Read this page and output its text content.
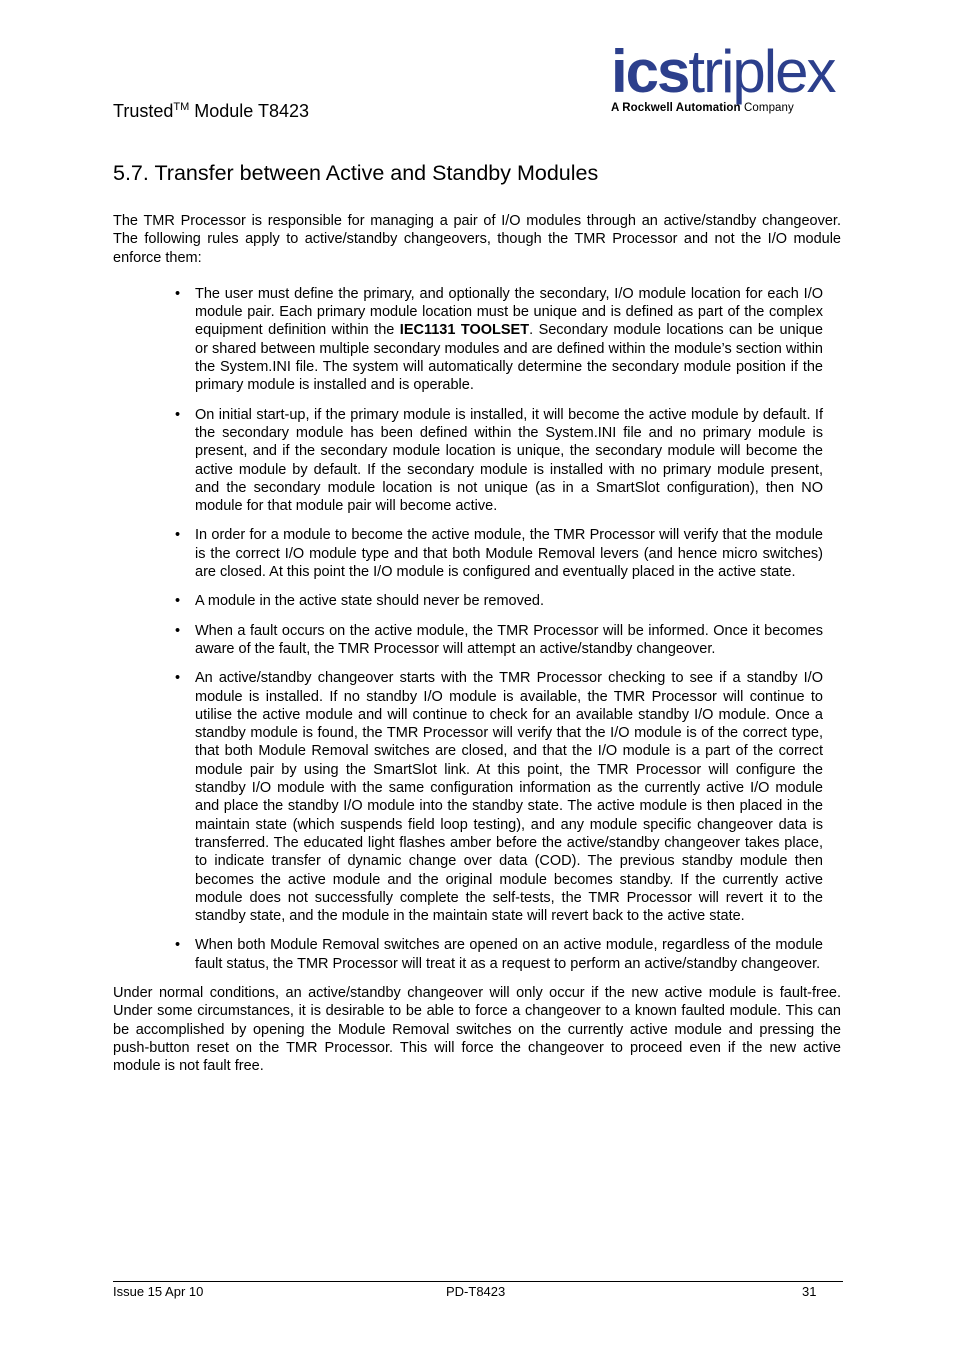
icstriplex
A Rockwell Automation Company
Trusted™ Module T8423
5.7. Transfer between Active and Standby Modules

The TMR Processor is responsible for managing a pair of I/O modules through an active/standby changeover. The following rules apply to active/standby changeovers, though the TMR Processor and not the I/O module enforce them:

• The user must define the primary, and optionally the secondary, I/O module location for each I/O module pair. Each primary module location must be unique and is defined as part of the complex equipment definition within the IEC1131 TOOLSET. Secondary module locations can be unique or shared between multiple secondary modules and are defined within the module’s section within the System.INI file. The system will automatically determine the secondary module position if the primary module is installed and is operable.
• On initial start-up, if the primary module is installed, it will become the active module by default. If the secondary module has been defined within the System.INI file and no primary module is present, and if the secondary module location is unique, the secondary module will become the active module by default. If the secondary module is installed with no primary module present, and the secondary module location is not unique (as in a SmartSlot configuration), then NO module for that module pair will become active.
• In order for a module to become the active module, the TMR Processor will verify that the module is the correct I/O module type and that both Module Removal levers (and hence micro switches) are closed. At this point the I/O module is configured and eventually placed in the active state.
• A module in the active state should never be removed.
• When a fault occurs on the active module, the TMR Processor will be informed. Once it becomes aware of the fault, the TMR Processor will attempt an active/standby changeover.
• An active/standby changeover starts with the TMR Processor checking to see if a standby I/O module is installed. If no standby I/O module is available, the TMR Processor will continue to utilise the active module and will continue to check for an available standby I/O module. Once a standby module is found, the TMR Processor will verify that the I/O module is of the correct type, that both Module Removal switches are closed, and that the I/O module is a part of the correct module pair by using the SmartSlot link. At this point, the TMR Processor will configure the standby I/O module with the same configuration information as the currently active I/O module and place the standby I/O module into the standby state. The active module is then placed in the maintain state (which suspends field loop testing), and any module specific changeover data is transferred. The educated light flashes amber before the active/standby changeover takes place, to indicate transfer of dynamic change over data (COD). The previous standby module then becomes the active module and the original module becomes standby. If the currently active module does not successfully complete the self-tests, the TMR Processor will revert it to the standby state, and the module in the maintain state will revert back to the active state.
• When both Module Removal switches are opened on an active module, regardless of the module fault status, the TMR Processor will treat it as a request to perform an active/standby changeover.

Under normal conditions, an active/standby changeover will only occur if the new active module is fault-free. Under some circumstances, it is desirable to be able to force a changeover to a known faulted module. This can be accomplished by opening the Module Removal switches on the currently active module and pressing the push-button reset on the TMR Processor. This will force the changeover to proceed even if the new active module is not fault free.

Issue 15 Apr 10	PD-T8423	31
